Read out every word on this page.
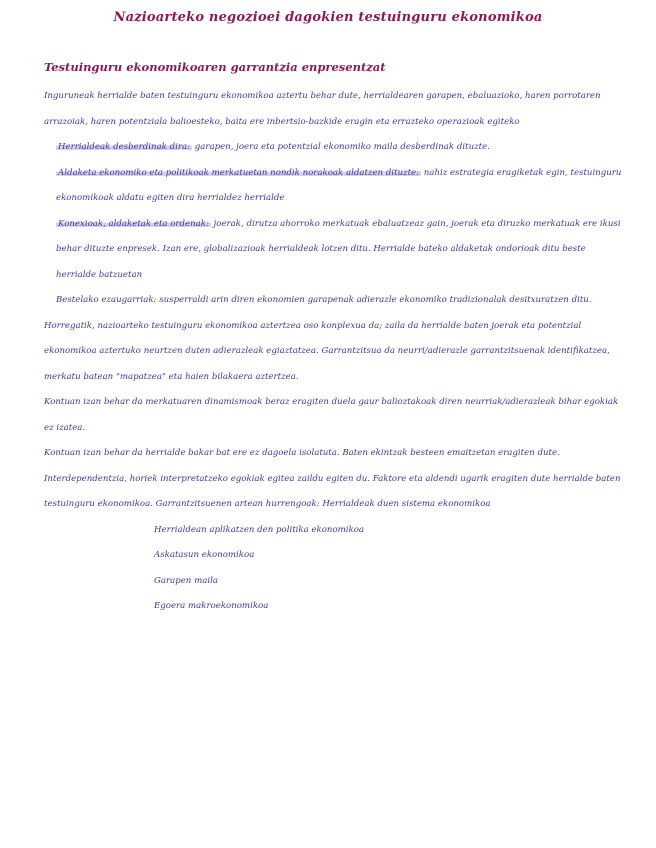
Nazioarteko negozioei dagokien testuinguru ekonomikoa
Testuinguru ekonomikoaren garrantzia enpresentzat

Inguruneak herrialde baten testuinguru ekonomikoa aztertu behar dute, herrialdearen garapen, ebaluazioko, haren porrotaren arrazoiak, haren potentziala balioesteko, baita ere inbertsio-bazkide eragin eta errazteko operazioak egiteko

Herrialdeak desberdinak dira: garapen, joera eta potentzial ekonomiko maila desberdinak dituzte.

Aldaketa ekonomiko eta politikoak merkatuetan nondik norakoak aldatzen dituzte: nahiz estrategia eragiketak egin, testuinguru ekonomikoak aldatu egiten dira herrialdez herrialde

Konexioak, aldaketak eta ordenak: joerak, dirutza ahorroko merkatuak ebaluatzeaz gain, joerak eta diruzko merkatuak ere ikusi behar dituzte enpresek. Izan ere, globalizazioak herrialdeak lotzen ditu. Herrialde bateko aldaketak ondorioak ditu beste herrialde batzuetan

Bestelako ezaugarriak: susperraldi arin diren ekonomien garapenak adierazle ekonomiko tradizionalak desitxuratzen ditu.

Horregatik, nazioarteko testuinguru ekonomikoa aztertzea oso konplexua da; zaila da herrialde baten joerak eta potentzial ekonomikoa aztertuko neurtzen duten adierazleak egiaztatzea. Garrantzitsua da neurri/adierazle garrantzitsuenak identifikatzea, merkatu batean "mapatzea" eta haien bilakaera aztertzea.

Kontuan izan behar da merkatuaren dinamismoak beraz eragiten duela gaur balioztakoak diren neurriak/adierazleak bihar egokiak ez izatea.

Kontuan izan behar da herrialde bakar bat ere ez dagoela isolatuta. Baten ekintzak besteen emaitzetan eragiten dute. Interdependentzia, horiek interpretatzeko egokiak egitea zaildu egiten du. Faktore eta aldendi ugarik eragiten dute herrialde baten testuinguru ekonomikoa. Garrantzitsuenen artean hurrengoak: Herrialdeak duen sistema ekonomikoa

Herrialdean aplikatzen den politika ekonomikoa
Askatasun ekonomikoa
Garapen maila
Egoera makroekonomikoa
